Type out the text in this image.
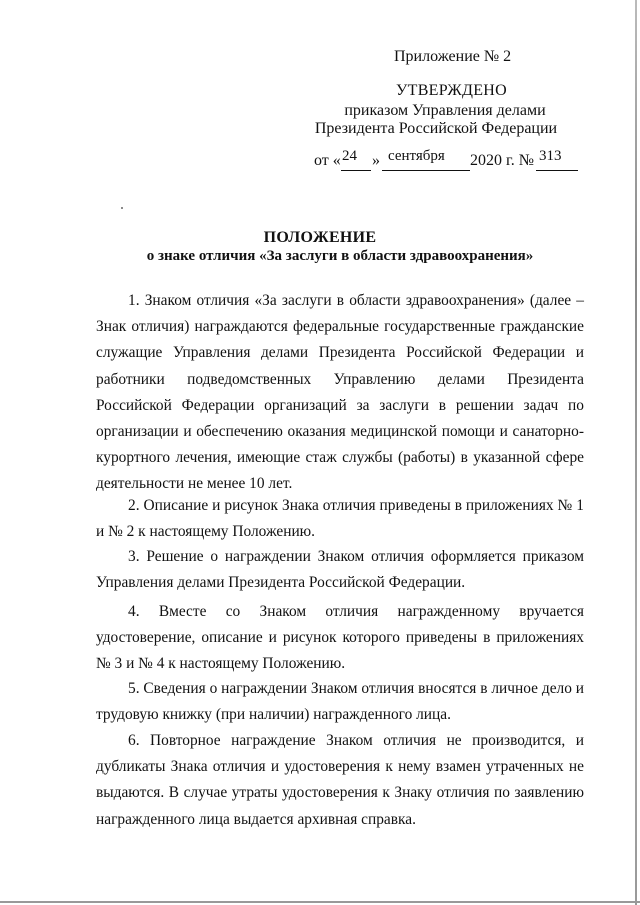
Приложение № 2
УТВЕРЖДЕНО
приказом Управления делами
Президента Российской Федерации
от « 24 » сентября 2020 г. № 313
ПОЛОЖЕНИЕ
о знаке отличия «За заслуги в области здравоохранения»
1. Знаком отличия «За заслуги в области здравоохранения» (далее – Знак отличия) награждаются федеральные государственные гражданские служащие Управления делами Президента Российской Федерации и работники подведомственных Управлению делами Президента Российской Федерации организаций за заслуги в решении задач по организации и обеспечению оказания медицинской помощи и санаторно-курортного лечения, имеющие стаж службы (работы) в указанной сфере деятельности не менее 10 лет.
2. Описание и рисунок Знака отличия приведены в приложениях № 1 и № 2 к настоящему Положению.
3. Решение о награждении Знаком отличия оформляется приказом Управления делами Президента Российской Федерации.
4. Вместе со Знаком отличия награжденному вручается удостоверение, описание и рисунок которого приведены в приложениях № 3 и № 4 к настоящему Положению.
5. Сведения о награждении Знаком отличия вносятся в личное дело и трудовую книжку (при наличии) награжденного лица.
6. Повторное награждение Знаком отличия не производится, и дубликаты Знака отличия и удостоверения к нему взамен утраченных не выдаются. В случае утраты удостоверения к Знаку отличия по заявлению награжденного лица выдается архивная справка.
